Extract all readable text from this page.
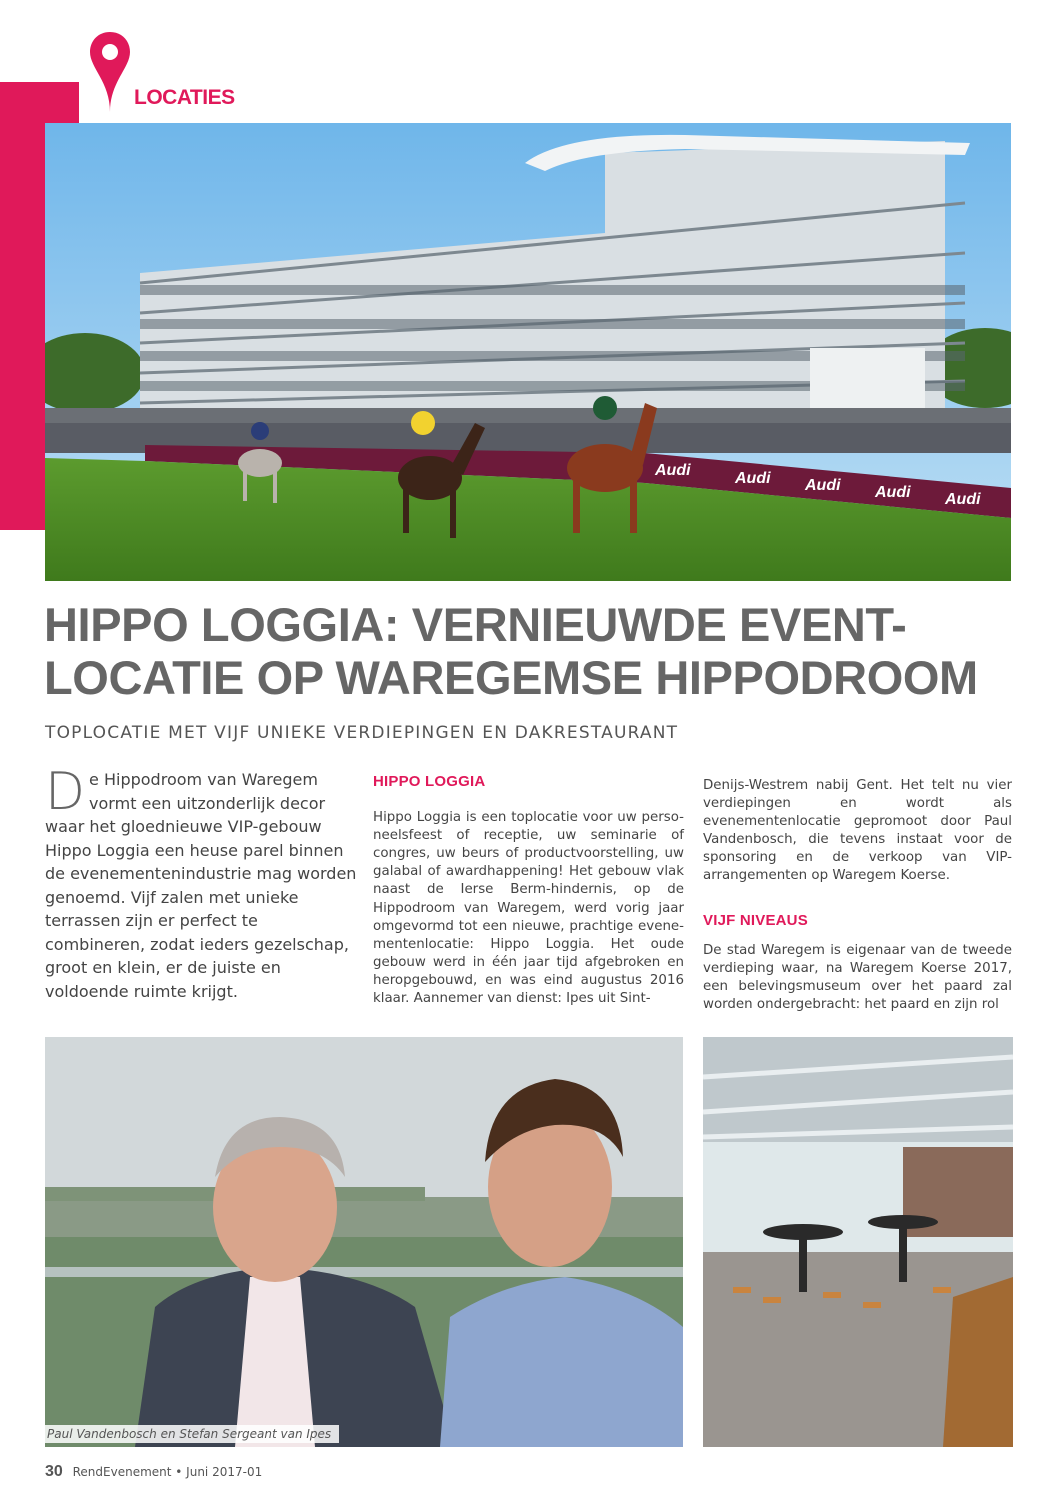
LOCATIES
Audi	Audi Audi Audi Audi
HIPPO LOGGIA: VERNIEUWDE EVENT-
LOCATIE OP WAREGEMSE HIPPODROOM
TOPLOCATIE MET VIJF UNIEKE VERDIEPINGEN EN DAKRESTAURANT
D e Hippodroom van Waregem vormt een uitzonderlijk decor waar het gloednieuwe VIP-gebouw Hippo Loggia een heuse parel binnen de evenementenindustrie mag worden genoemd. Vijf zalen met unieke terrassen zijn er perfect te combineren, zodat ieders gezelschap, groot en klein, er de juiste en voldoende ruimte krijgt.
HIPPO LOGGIA

Hippo Loggia is een toplocatie voor uw perso-neelsfeest of receptie, uw seminarie of congres, uw beurs of productvoorstelling, uw galabal of awardhappening! Het gebouw vlak naast de Ierse Berm-hindernis, op de Hippodroom van Waregem, werd vorig jaar omgevormd tot een nieuwe, prachtige evene-mentenlocatie: Hippo Loggia. Het oude gebouw werd in één jaar tijd afgebroken en heropgebouwd, en was eind augustus 2016 klaar. Aannemer van dienst: Ipes uit Sint-

Denijs-Westrem nabij Gent. Het telt nu vier verdiepingen en wordt als evenementenlocatie gepromoot door Paul Vandenbosch, die tevens instaat voor de sponsoring en de verkoop van VIP-arrangementen op Waregem Koerse.

VIJF NIVEAUS

De stad Waregem is eigenaar van de tweede verdieping waar, na Waregem Koerse 2017, een belevingsmuseum over het paard zal worden ondergebracht: het paard en zijn rol

Paul Vandenbosch en Stefan Sergeant van Ipes
30 RendEvenement • Juni 2017-01
